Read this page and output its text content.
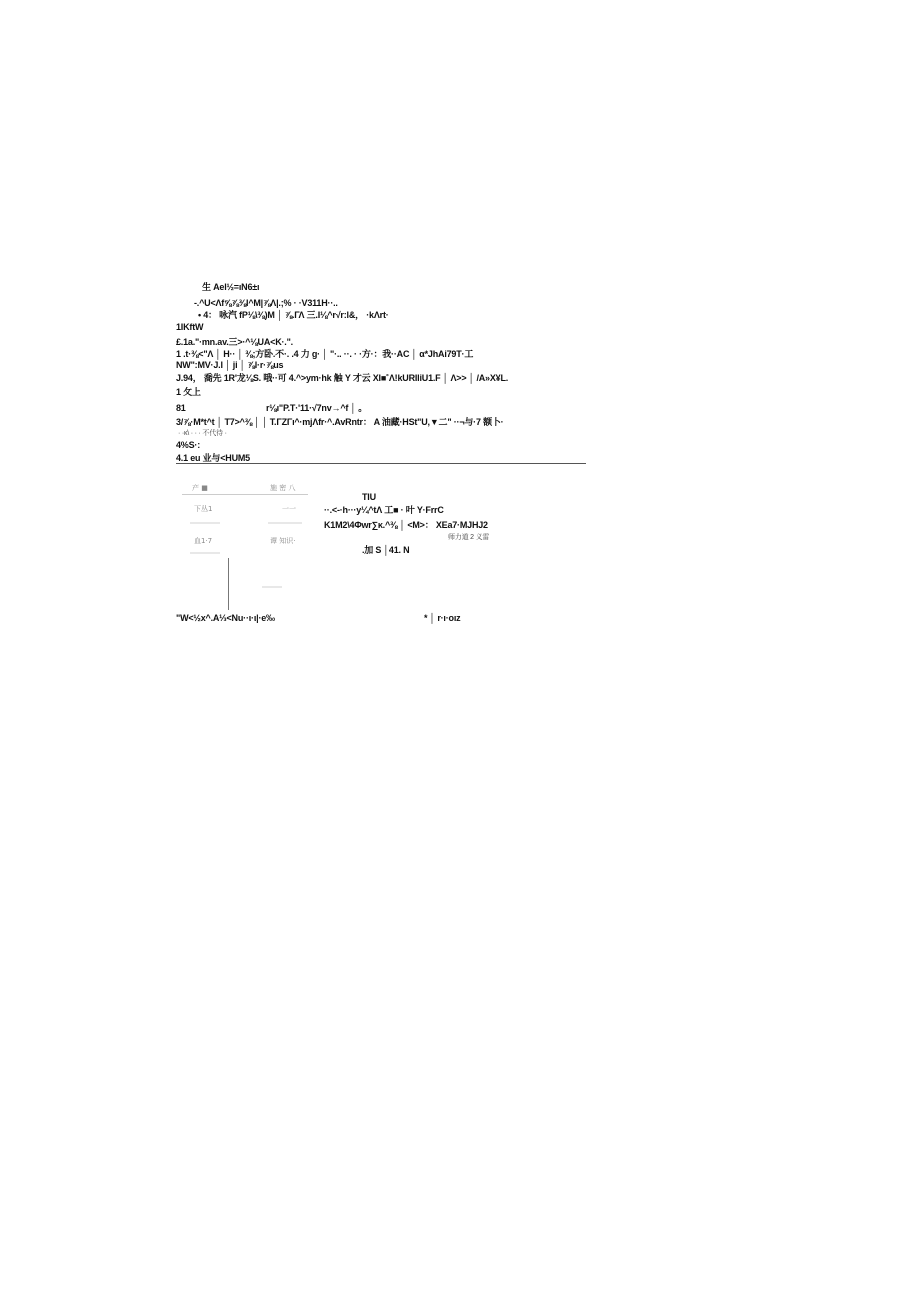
生 Ael½=ıN6±ı
-.^U<Λf⅝⅞⅜I^M|⅞Λ|.;% · ·V311H··..
• 4： 咏汽 fP⅛\⅜)M │ ⅞.ΓΛ 三.I⅛^r√r:l&， ·kΛrt·
1IKftW
£.1a."·mn.av.三>·^⅛UA<K·.".
1 .t·⅜<"Λ │ H·· │ ⅜;方卧.不·. .4 力 g· │ "·.. ··. · ·方·：我··AC │ α*JhAi79T·工
NW":MV·J.I │ ji │ ⅞l·r·⅞us
J.94， 喬先 1R'龙⅛S. 哦··可 4.^>ym·hk 触 Y 才云 XI■˚Λ!kURIliU1.F │ Λ>> │ /A»X¥L.
1 攵上
81	r⅛ı"P.T·'11·√7nv→^f │ 。
3/⅞·M*t^t │ T7>^⅜ │ │ T.ΓZΓı^·mjΛfr·^.AvRntr： A 油藏·HSt"U,▼二" ··¬与·7 额卜·
· ·κ\ · · · 不代待 ·
4%S·:
4.1 eu 业与<HUM5
产 ■	施 密 八
下丛1	一一
血1·7	谭 知识·
TIU
··.<-·h···y¼^tΛ 工■ · 叶 Y·FrrC
K1M2\4Φwr∑κ.^⅜ │ <M>： XEa7·MJHJ2
师力道 2 义雷
.加 S │41. N
"W<½x^.A⅓<Nu··ι·ι|·e‰	* │ r·ı·oız
